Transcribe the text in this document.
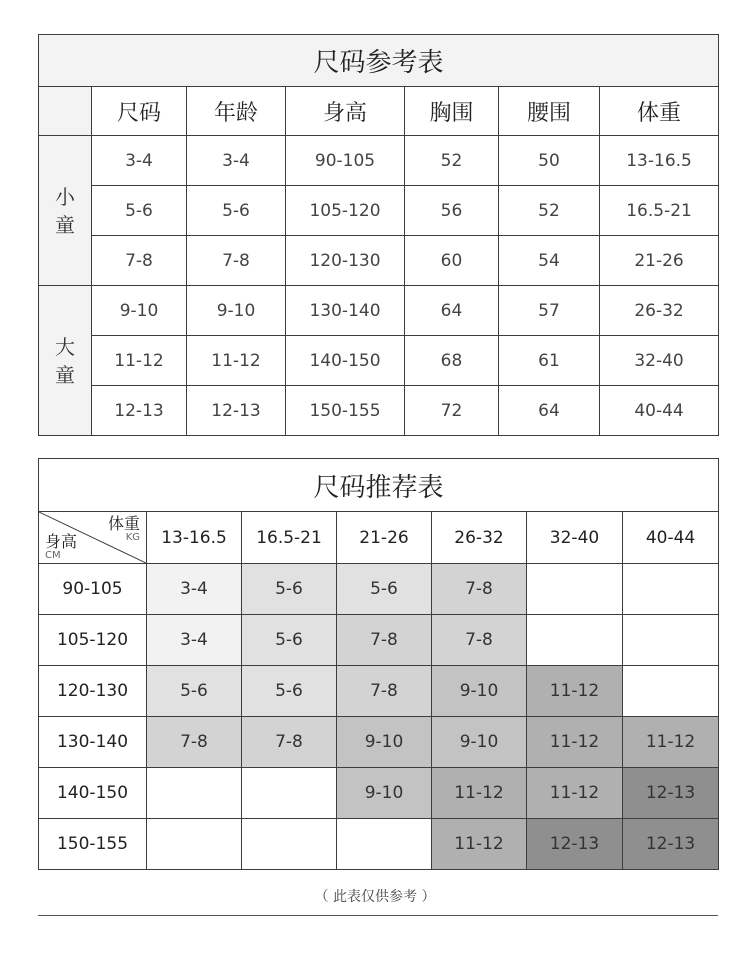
尺码参考表						
	尺码	年龄	身高	胸围	腰围	体重
小
童	3-4	3-4	90-105	52	50	13-16.5
	5-6	5-6	105-120	56	52	16.5-21
	7-8	7-8	120-130	60	54	21-26
大
童	9-10	9-10	130-140	64	57	26-32
	11-12	11-12	140-150	68	61	32-40
	12-13	12-13	150-155	72	64	40-44
尺码推荐表						

体重
KG
身高
CM	13-16.5	16.5-21	21-26	26-32	32-40	40-44
90-105	3-4	5-6	5-6	7-8		
105-120	3-4	5-6	7-8	7-8		
120-130	5-6	5-6	7-8	9-10	11-12	
130-140	7-8	7-8	9-10	9-10	11-12	11-12
140-150			9-10	11-12	11-12	12-13
150-155				11-12	12-13	12-13
（ 此表仅供参考 ）
